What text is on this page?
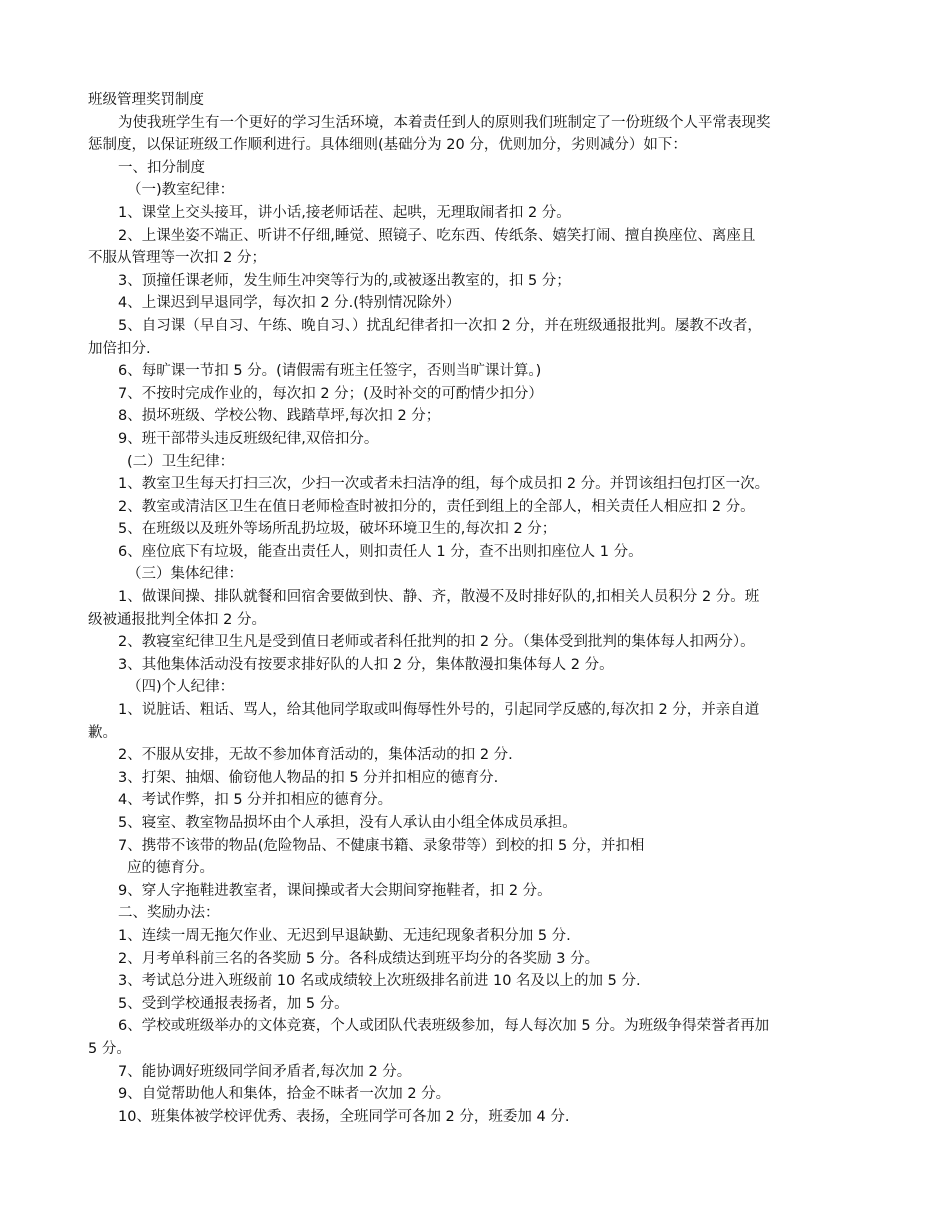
班级管理奖罚制度
为使我班学生有一个更好的学习生活环境，本着责任到人的原则我们班制定了一份班级个人平常表现奖
惩制度，以保证班级工作顺利进行。具体细则(基础分为 20 分，优则加分，劣则减分）如下：
一、扣分制度
（一)教室纪律：
1、课堂上交头接耳，讲小话,接老师话茬、起哄，无理取闹者扣 2 分。
2、上课坐姿不端正、听讲不仔细,睡觉、照镜子、吃东西、传纸条、嬉笑打闹、擅自换座位、离座且
不服从管理等一次扣 2 分；
3、顶撞任课老师，发生师生冲突等行为的,或被逐出教室的，扣 5 分；
4、上课迟到早退同学，每次扣 2 分.(特别情况除外）
5、自习课（早自习、午练、晚自习、）扰乱纪律者扣一次扣 2 分，并在班级通报批判。屡教不改者，
加倍扣分.
6、每旷课一节扣 5 分。(请假需有班主任签字，否则当旷课计算。)
7、不按时完成作业的，每次扣 2 分；(及时补交的可酌情少扣分）
8、损坏班级、学校公物、践踏草坪,每次扣 2 分；
9、班干部带头违反班级纪律,双倍扣分。
(二）卫生纪律：
1、教室卫生每天打扫三次，少扫一次或者未扫洁净的组，每个成员扣 2 分。并罚该组扫包打区一次。
2、教室或清洁区卫生在值日老师检查时被扣分的，责任到组上的全部人，相关责任人相应扣 2 分。
5、在班级以及班外等场所乱扔垃圾，破坏环境卫生的,每次扣 2 分；
6、座位底下有垃圾，能查出责任人，则扣责任人 1 分，查不出则扣座位人 1 分。
（三）集体纪律：
1、做课间操、排队就餐和回宿舍要做到快、静、齐，散漫不及时排好队的,扣相关人员积分 2 分。班
级被通报批判全体扣 2 分。
2、教寝室纪律卫生凡是受到值日老师或者科任批判的扣 2 分。（集体受到批判的集体每人扣两分）。
3、其他集体活动没有按要求排好队的人扣 2 分，集体散漫扣集体每人 2 分。
（四)个人纪律：
1、说脏话、粗话、骂人，给其他同学取或叫侮辱性外号的，引起同学反感的,每次扣 2 分，并亲自道
歉。
2、不服从安排，无故不参加体育活动的，集体活动的扣 2 分.
3、打架、抽烟、偷窃他人物品的扣 5 分并扣相应的德育分.
4、考试作弊，扣 5 分并扣相应的德育分。
5、寝室、教室物品损坏由个人承担，没有人承认由小组全体成员承担。
7、携带不该带的物品(危险物品、不健康书籍、录象带等）到校的扣 5 分，并扣相
应的德育分。
9、穿人字拖鞋进教室者，课间操或者大会期间穿拖鞋者，扣 2 分。
二、奖励办法：
1、连续一周无拖欠作业、无迟到早退缺勤、无违纪现象者积分加 5 分.
2、月考单科前三名的各奖励 5 分。各科成绩达到班平均分的各奖励 3 分。
3、考试总分进入班级前 10 名或成绩较上次班级排名前进 10 名及以上的加 5 分.
5、受到学校通报表扬者，加 5 分。
6、学校或班级举办的文体竞赛，个人或团队代表班级参加，每人每次加 5 分。为班级争得荣誉者再加
5 分。
7、能协调好班级同学间矛盾者,每次加 2 分。
9、自觉帮助他人和集体，拾金不昧者一次加 2 分。
10、班集体被学校评优秀、表扬，全班同学可各加 2 分，班委加 4 分.
